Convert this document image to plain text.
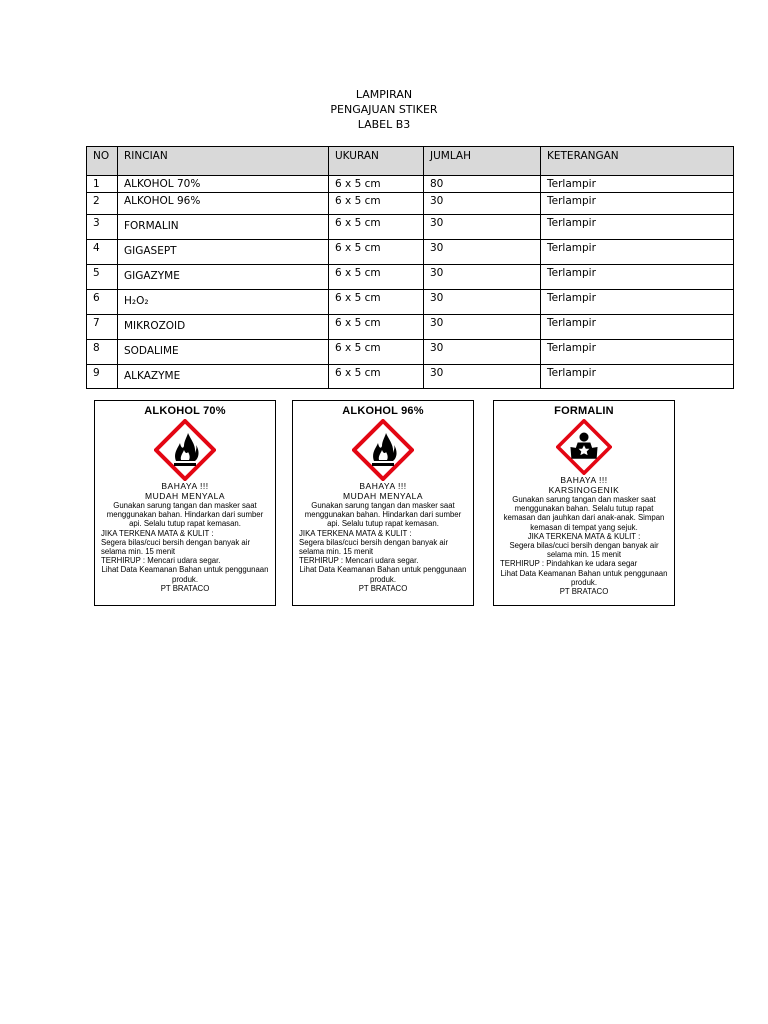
LAMPIRAN
PENGAJUAN STIKER
LABEL B3
NO	RINCIAN	UKURAN	JUMLAH	KETERANGAN
1	ALKOHOL 70%	6 x 5 cm	80	Terlampir
2	ALKOHOL 96%	6 x 5 cm	30	Terlampir
3	FORMALIN	6 x 5 cm	30	Terlampir
4	GIGASEPT	6 x 5 cm	30	Terlampir
5	GIGAZYME	6 x 5 cm	30	Terlampir
6	H₂O₂	6 x 5 cm	30	Terlampir
7	MIKROZOID	6 x 5 cm	30	Terlampir
8	SODALIME	6 x 5 cm	30	Terlampir
9	ALKAZYME	6 x 5 cm	30	Terlampir
ALKOHOL 70%
BAHAYA !!!
MUDAH MENYALA
Gunakan sarung tangan dan masker saat menggunakan bahan. Hindarkan dari sumber api. Selalu tutup rapat kemasan.
JIKA TERKENA MATA & KULIT :
Segera bilas/cuci bersih dengan banyak air selama min. 15 menit
TERHIRUP : Mencari udara segar.
Lihat Data Keamanan Bahan untuk penggunaan produk.
PT BRATACO
ALKOHOL 96%
BAHAYA !!!
MUDAH MENYALA
Gunakan sarung tangan dan masker saat menggunakan bahan. Hindarkan dari sumber api. Selalu tutup rapat kemasan.
JIKA TERKENA MATA & KULIT :
Segera bilas/cuci bersih dengan banyak air selama min. 15 menit
TERHIRUP : Mencari udara segar.
Lihat Data Keamanan Bahan untuk penggunaan produk.
PT BRATACO
FORMALIN
BAHAYA !!!
KARSINOGENIK
Gunakan sarung tangan dan masker saat menggunakan bahan. Selalu tutup rapat kemasan dan jauhkan dari anak-anak. Simpan kemasan di tempat yang sejuk.
JIKA TERKENA MATA & KULIT :
Segera bilas/cuci bersih dengan banyak air selama min. 15 menit
TERHIRUP : Pindahkan ke udara segar
Lihat Data Keamanan Bahan untuk penggunaan produk.
PT BRATACO
